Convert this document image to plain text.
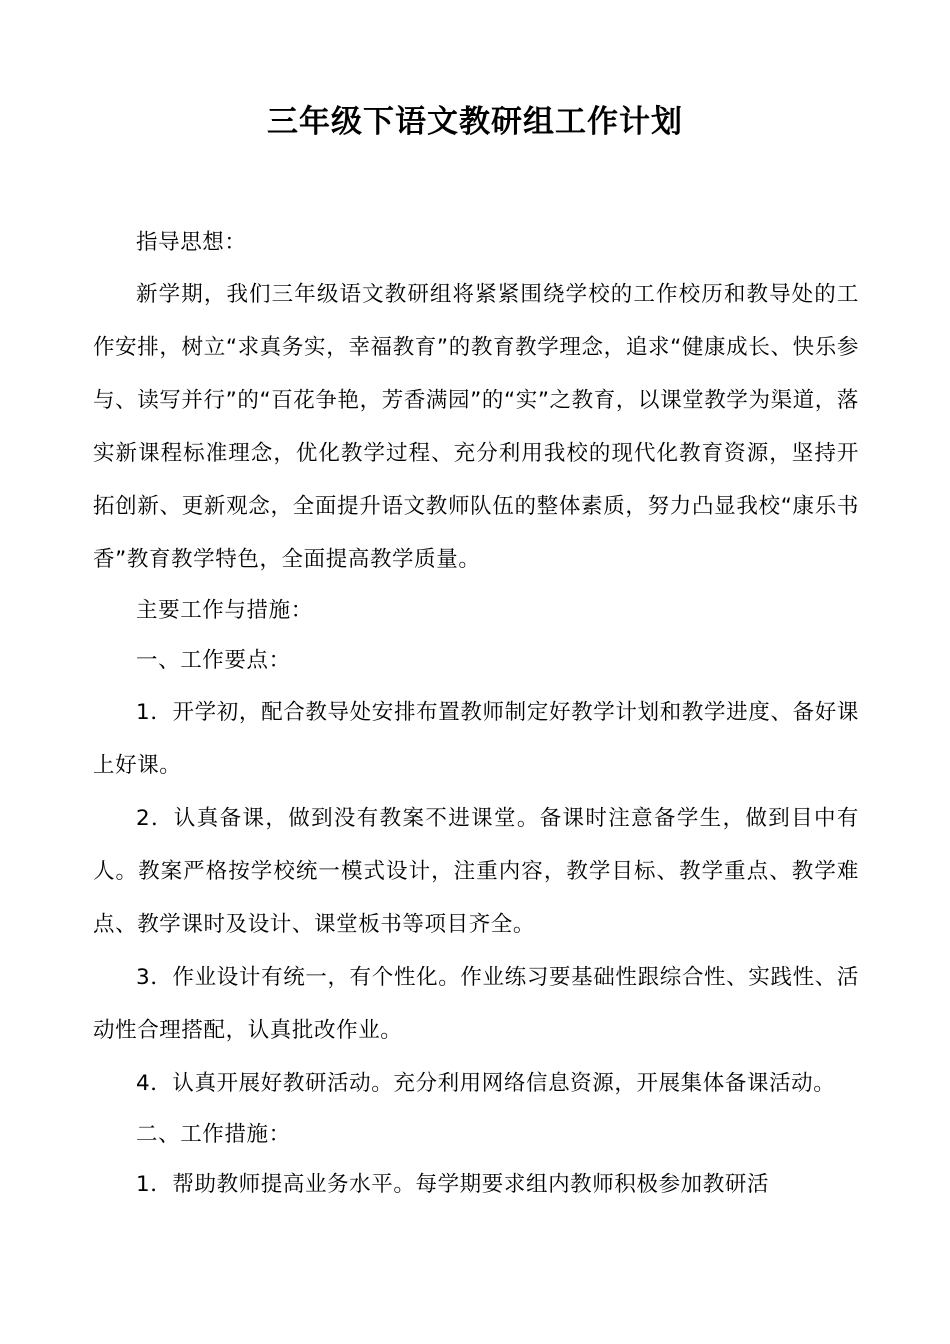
三年级下语文教研组工作计划

指导思想：

新学期，我们三年级语文教研组将紧紧围绕学校的工作校历和教导处的工作安排，树立“求真务实，幸福教育”的教育教学理念，追求“健康成长、快乐参与、读写并行”的“百花争艳，芳香满园”的“实”之教育，以课堂教学为渠道，落实新课程标准理念，优化教学过程、充分利用我校的现代化教育资源，坚持开拓创新、更新观念，全面提升语文教师队伍的整体素质，努力凸显我校“康乐书香”教育教学特色，全面提高教学质量。

主要工作与措施：

一、工作要点：

1．开学初，配合教导处安排布置教师制定好教学计划和教学进度、备好课上好课。

2．认真备课，做到没有教案不进课堂。备课时注意备学生，做到目中有人。教案严格按学校统一模式设计，注重内容，教学目标、教学重点、教学难点、教学课时及设计、课堂板书等项目齐全。

3．作业设计有统一，有个性化。作业练习要基础性跟综合性、实践性、活动性合理搭配，认真批改作业。

4．认真开展好教研活动。充分利用网络信息资源，开展集体备课活动。

二、工作措施：

1．帮助教师提高业务水平。每学期要求组内教师积极参加教研活
